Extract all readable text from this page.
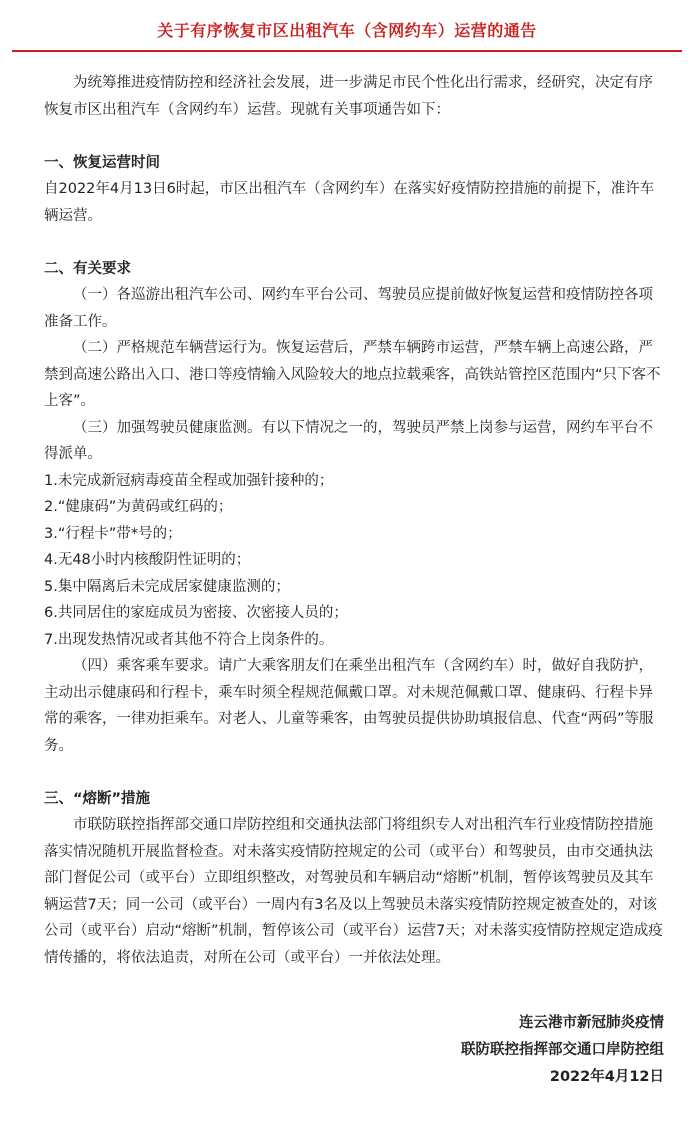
关于有序恢复市区出租汽车（含网约车）运营的通告

为统筹推进疫情防控和经济社会发展，进一步满足市民个性化出行需求，经研究，决定有序恢复市区出租汽车（含网约车）运营。现就有关事项通告如下：

一、恢复运营时间

自2022年4月13日6时起，市区出租汽车（含网约车）在落实好疫情防控措施的前提下，准许车辆运营。

二、有关要求

（一）各巡游出租汽车公司、网约车平台公司、驾驶员应提前做好恢复运营和疫情防控各项准备工作。

（二）严格规范车辆营运行为。恢复运营后，严禁车辆跨市运营，严禁车辆上高速公路，严禁到高速公路出入口、港口等疫情输入风险较大的地点拉载乘客，高铁站管控区范围内“只下客不上客”。

（三）加强驾驶员健康监测。有以下情况之一的，驾驶员严禁上岗参与运营，网约车平台不得派单。

1.未完成新冠病毒疫苗全程或加强针接种的；

2.“健康码”为黄码或红码的；

3.“行程卡”带*号的；

4.无48小时内核酸阴性证明的；

5.集中隔离后未完成居家健康监测的；

6.共同居住的家庭成员为密接、次密接人员的；

7.出现发热情况或者其他不符合上岗条件的。

（四）乘客乘车要求。请广大乘客朋友们在乘坐出租汽车（含网约车）时，做好自我防护，主动出示健康码和行程卡，乘车时须全程规范佩戴口罩。对未规范佩戴口罩、健康码、行程卡异常的乘客，一律劝拒乘车。对老人、儿童等乘客，由驾驶员提供协助填报信息、代查“两码”等服务。

三、“熔断”措施

市联防联控指挥部交通口岸防控组和交通执法部门将组织专人对出租汽车行业疫情防控措施落实情况随机开展监督检查。对未落实疫情防控规定的公司（或平台）和驾驶员，由市交通执法部门督促公司（或平台）立即组织整改，对驾驶员和车辆启动“熔断”机制，暂停该驾驶员及其车辆运营7天；同一公司（或平台）一周内有3名及以上驾驶员未落实疫情防控规定被查处的，对该公司（或平台）启动“熔断”机制，暂停该公司（或平台）运营7天；对未落实疫情防控规定造成疫情传播的，将依法追责，对所在公司（或平台）一并依法处理。

连云港市新冠肺炎疫情
联防联控指挥部交通口岸防控组
2022年4月12日
